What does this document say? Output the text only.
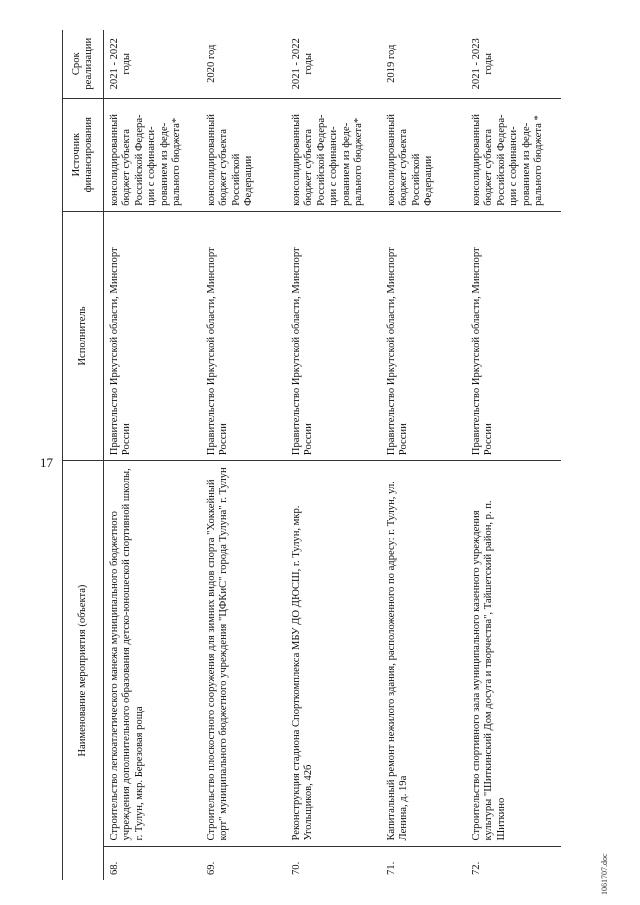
17
1061707.doc
Наименование мероприятия (объекта)		Исполнитель	Источник финансирования	Срок реализации
68.	Строительство легкоатлетического манежа муниципального бюджетного учреждения дополнительного образования детско-юношеской спортивной школы, г. Тулун, мкр. Березовая роща	Правительство Иркутской области, Минспорт России	консолидированный бюджет субъекта Российской Федера-ции с софинанси-рованием из феде-рального бюджета*	2021 - 2022 годы
69.	Строительство плоскостного сооружения для зимних видов спорта "Хоккейный корт" муниципального бюджетного учреждения "ЦФКиС" города Тулуна" г. Тулун	Правительство Иркутской области, Минспорт России	консолидированный бюджет субъекта Российской Федерации	2020 год
70.	Реконструкция стадиона Спорткомплекса МБУ ДО ДЮСШ, г. Тулун, мкр. Угольщиков, 42б	Правительство Иркутской области, Минспорт России	консолидированный бюджет субъекта Российской Федера-ции с софинанси-рованием из феде-рального бюджета*	2021 - 2022 годы
71.	Капитальный ремонт нежилого здания, расположенного по адресу: г. Тулун, ул. Ленина, д. 19а	Правительство Иркутской области, Минспорт России	консолидированный бюджет субъекта Российской Федерации	2019 год
72.	Строительство спортивного зала муниципального казенного учреждения культуры "Шиткинский Дом досуга и творчества", Тайшетский район, р. п. Шиткино	Правительство Иркутской области, Минспорт России	консолидированный бюджет субъекта Российской Федера-ции с софинанси-рованием из феде-рального бюджета *	2021 - 2023 годы
